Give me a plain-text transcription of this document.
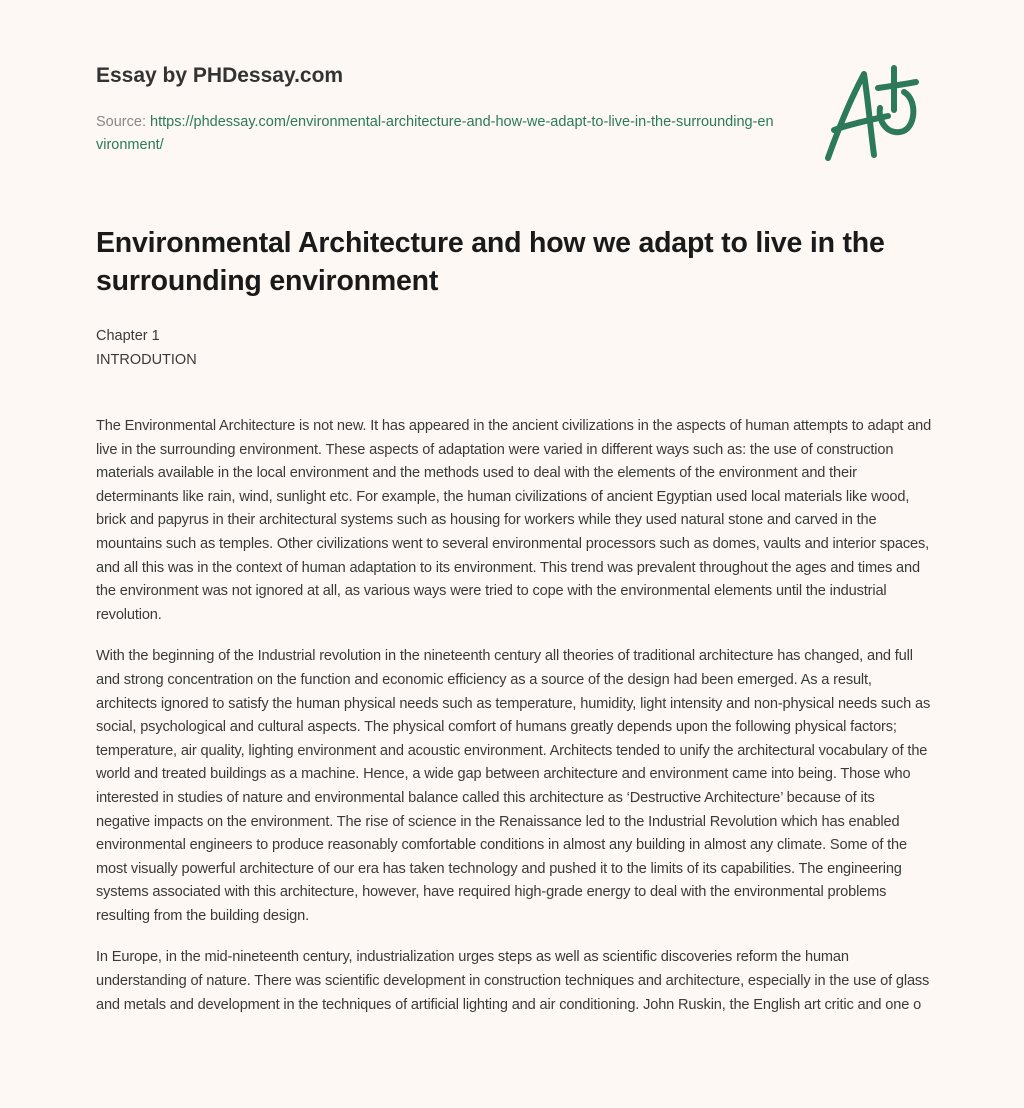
Essay by PHDessay.com
Source: https://phdessay.com/environmental-architecture-and-how-we-adapt-to-live-in-the-surrounding-environment/
Environmental Architecture and how we adapt to live in the surrounding environment
Chapter 1
INTRODUTION

The Environmental Architecture is not new. It has appeared in the ancient civilizations in the aspects of human attempts to adapt and live in the surrounding environment. These aspects of adaptation were varied in different ways such as: the use of construction materials available in the local environment and the methods used to deal with the elements of the environment and their determinants like rain, wind, sunlight etc. For example, the human civilizations of ancient Egyptian used local materials like wood, brick and papyrus in their architectural systems such as housing for workers while they used natural stone and carved in the mountains such as temples. Other civilizations went to several environmental processors such as domes, vaults and interior spaces, and all this was in the context of human adaptation to its environment. This trend was prevalent throughout the ages and times and the environment was not ignored at all, as various ways were tried to cope with the environmental elements until the industrial revolution.

With the beginning of the Industrial revolution in the nineteenth century all theories of traditional architecture has changed, and full and strong concentration on the function and economic efficiency as a source of the design had been emerged. As a result, architects ignored to satisfy the human physical needs such as temperature, humidity, light intensity and non-physical needs such as social, psychological and cultural aspects. The physical comfort of humans greatly depends upon the following physical factors; temperature, air quality, lighting environment and acoustic environment. Architects tended to unify the architectural vocabulary of the world and treated buildings as a machine. Hence, a wide gap between architecture and environment came into being. Those who interested in studies of nature and environmental balance called this architecture as ‘Destructive Architecture’ because of its negative impacts on the environment. The rise of science in the Renaissance led to the Industrial Revolution which has enabled environmental engineers to produce reasonably comfortable conditions in almost any building in almost any climate. Some of the most visually powerful architecture of our era has taken technology and pushed it to the limits of its capabilities. The engineering systems associated with this architecture, however, have required high-grade energy to deal with the environmental problems resulting from the building design.

In Europe, in the mid-nineteenth century, industrialization urges steps as well as scientific discoveries reform the human understanding of nature. There was scientific development in construction techniques and architecture, especially in the use of glass and metals and development in the techniques of artificial lighting and air conditioning. John Ruskin, the English art critic and one o
